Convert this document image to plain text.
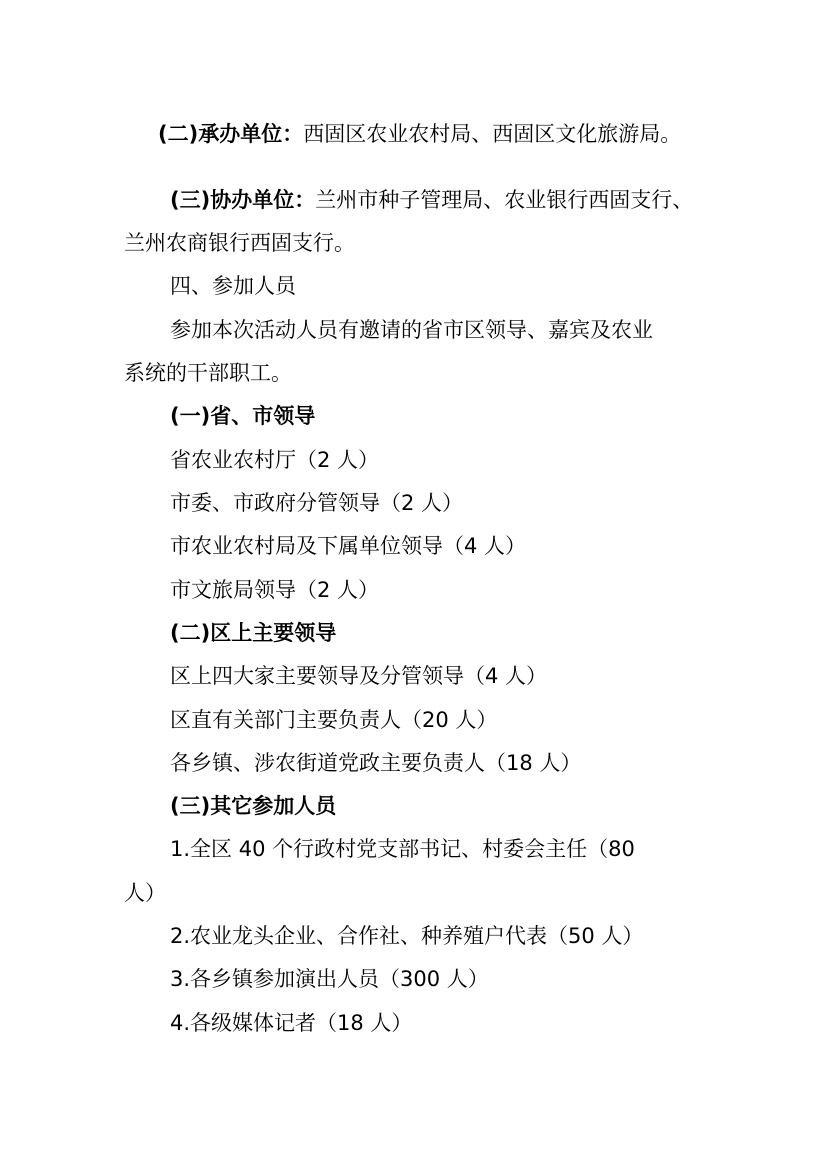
(二)承办单位：西固区农业农村局、西固区文化旅游局。
(三)协办单位：兰州市种子管理局、农业银行西固支行、
兰州农商银行西固支行。
四、参加人员
参加本次活动人员有邀请的省市区领导、嘉宾及农业
系统的干部职工。
(一)省、市领导
省农业农村厅（2 人）
市委、市政府分管领导（2 人）
市农业农村局及下属单位领导（4 人）
市文旅局领导（2 人）
(二)区上主要领导
区上四大家主要领导及分管领导（4 人）
区直有关部门主要负责人（20 人）
各乡镇、涉农街道党政主要负责人（18 人）
(三)其它参加人员
1.全区 40 个行政村党支部书记、村委会主任（80
人）
2.农业龙头企业、合作社、种养殖户代表（50 人）
3.各乡镇参加演出人员（300 人）
4.各级媒体记者（18 人）
